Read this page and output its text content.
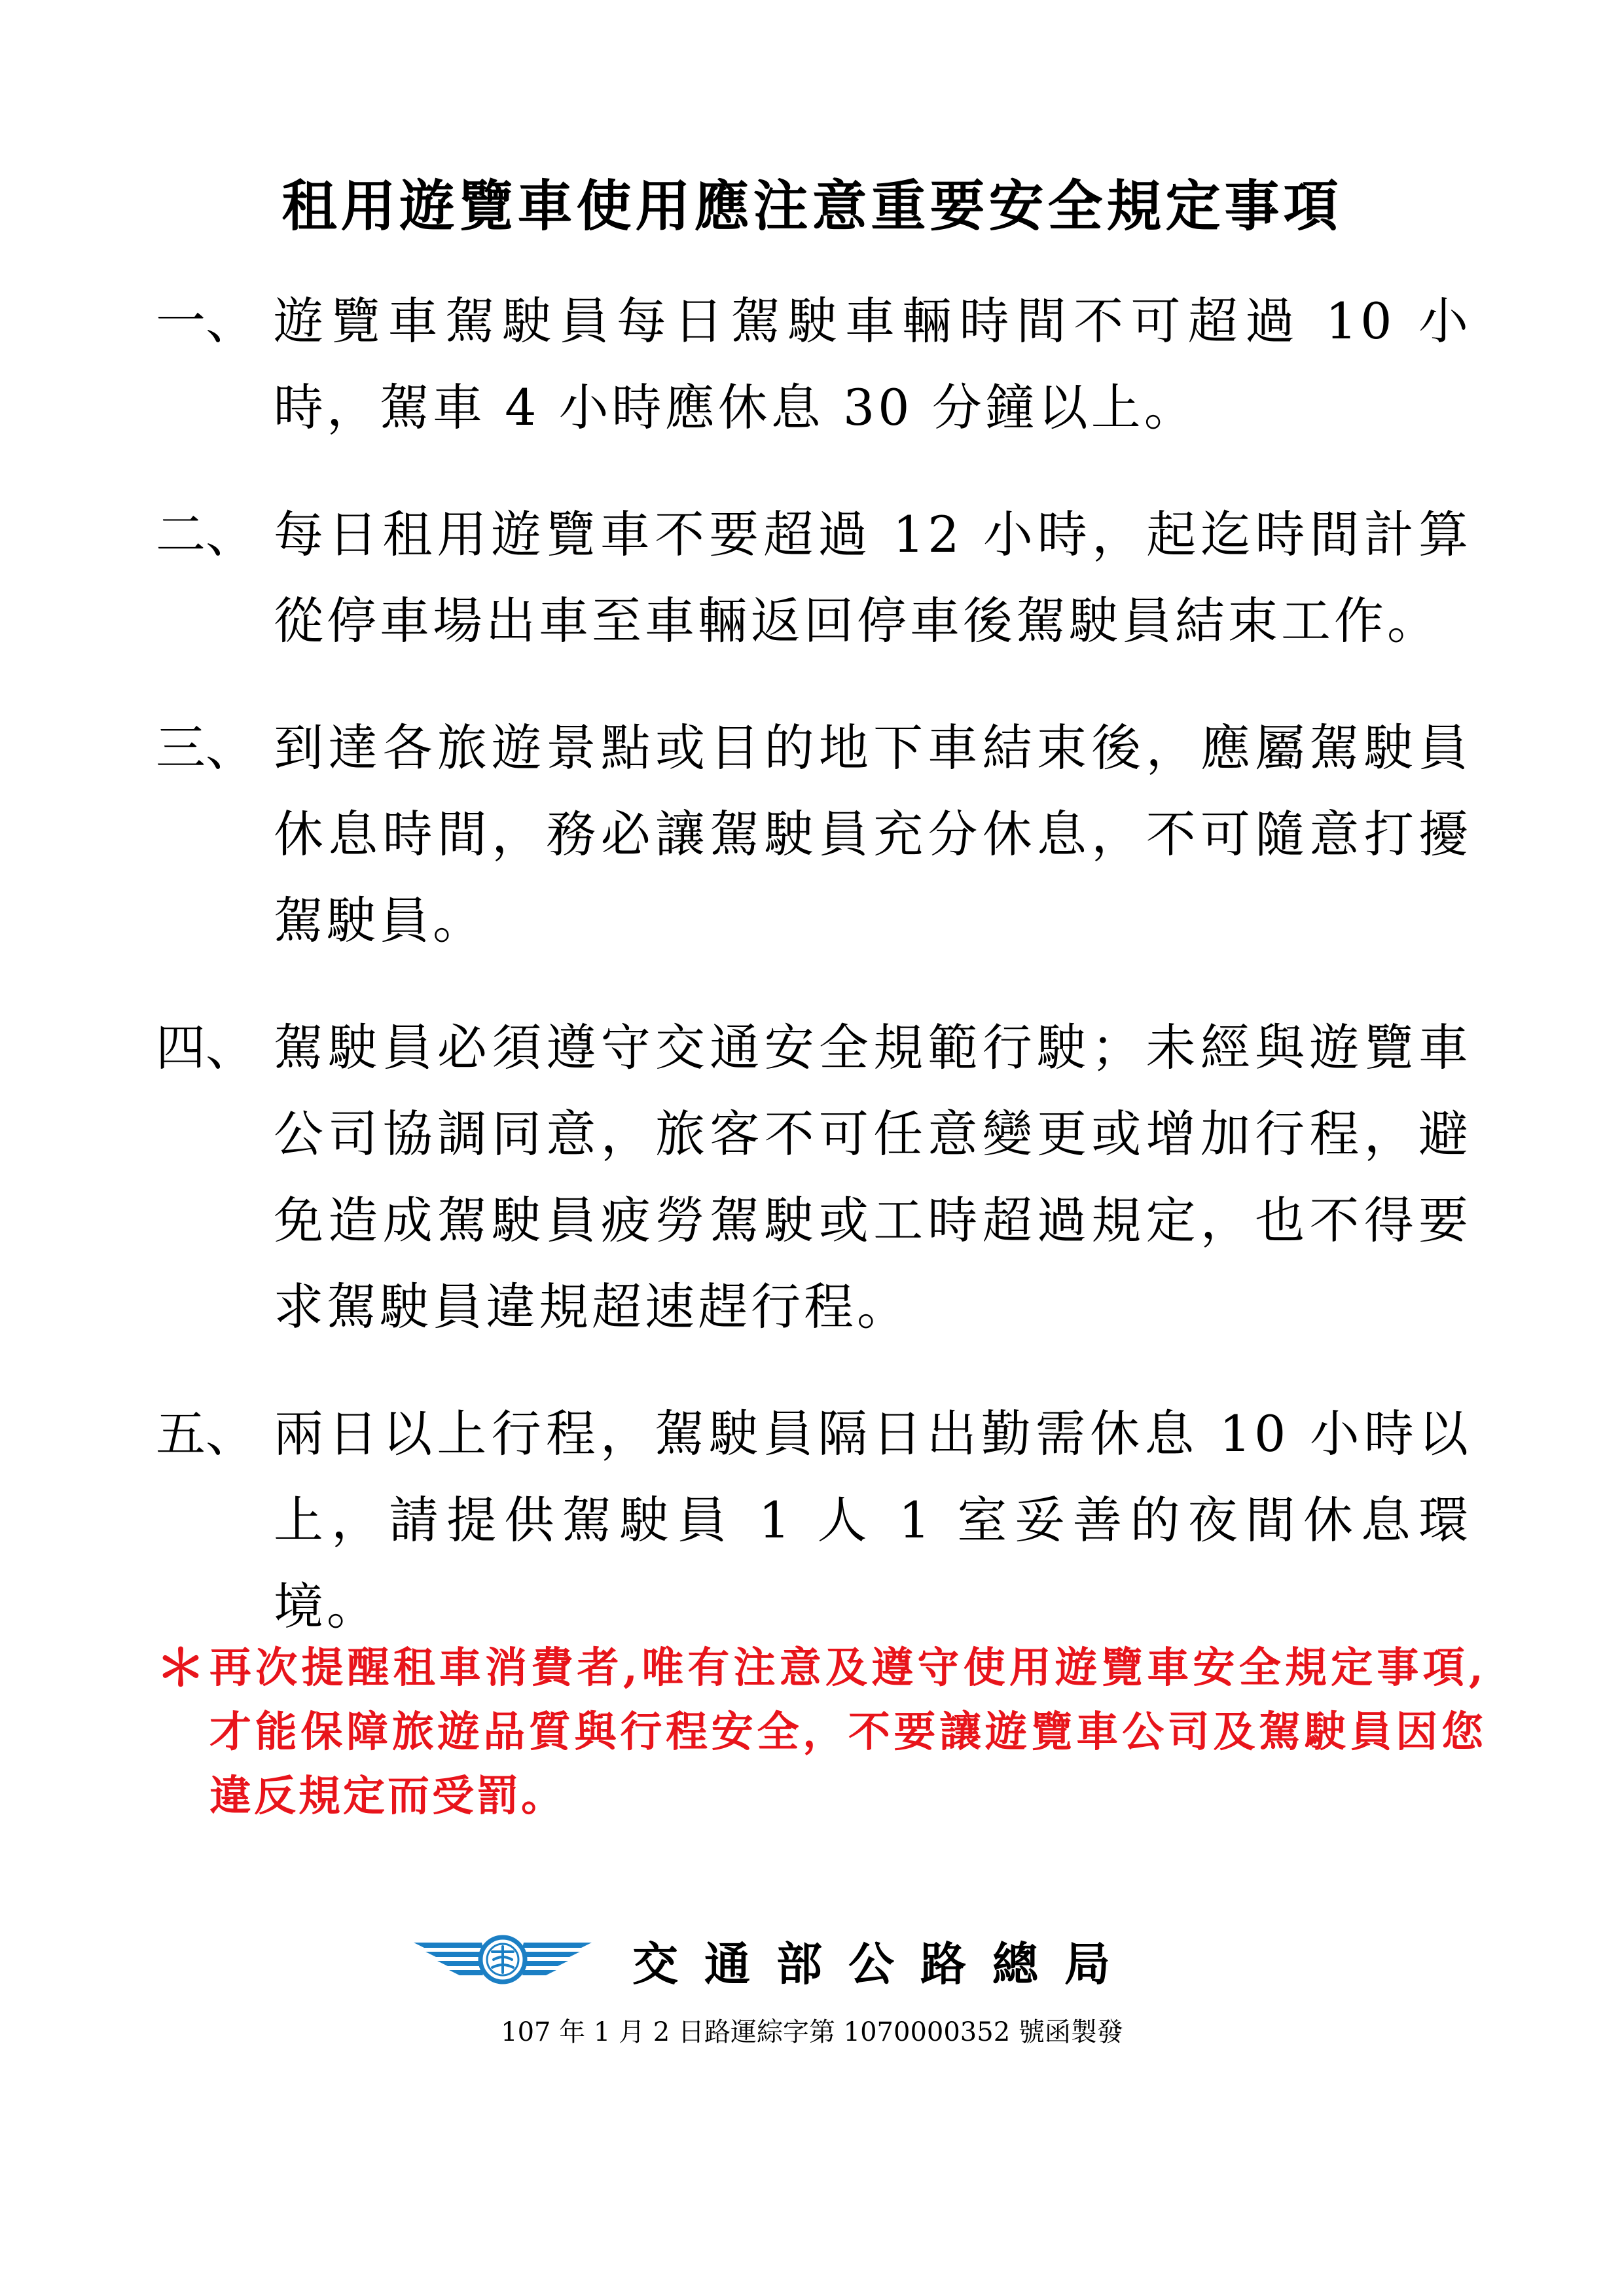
租用遊覽車使用應注意重要安全規定事項
一、 遊覽車駕駛員每日駕駛車輛時間不可超過 10 小時，駕車 4 小時應休息 30 分鐘以上。
二、 每日租用遊覽車不要超過 12 小時，起迄時間計算從停車場出車至車輛返回停車後駕駛員結束工作。
三、 到達各旅遊景點或目的地下車結束後，應屬駕駛員休息時間，務必讓駕駛員充分休息，不可隨意打擾駕駛員。
四、 駕駛員必須遵守交通安全規範行駛；未經與遊覽車公司協調同意，旅客不可任意變更或增加行程，避免造成駕駛員疲勞駕駛或工時超過規定，也不得要求駕駛員違規超速趕行程。
五、 兩日以上行程，駕駛員隔日出勤需休息 10 小時以上，請提供駕駛員 1 人 1 室妥善的夜間休息環境。
＊ 再次提醒租車消費者,唯有注意及遵守使用遊覽車安全規定事項,才能保障旅遊品質與行程安全，不要讓遊覽車公司及駕駛員因您違反規定而受罰。
交通部公路總局
107 年 1 月 2 日路運綜字第 1070000352 號函製發
